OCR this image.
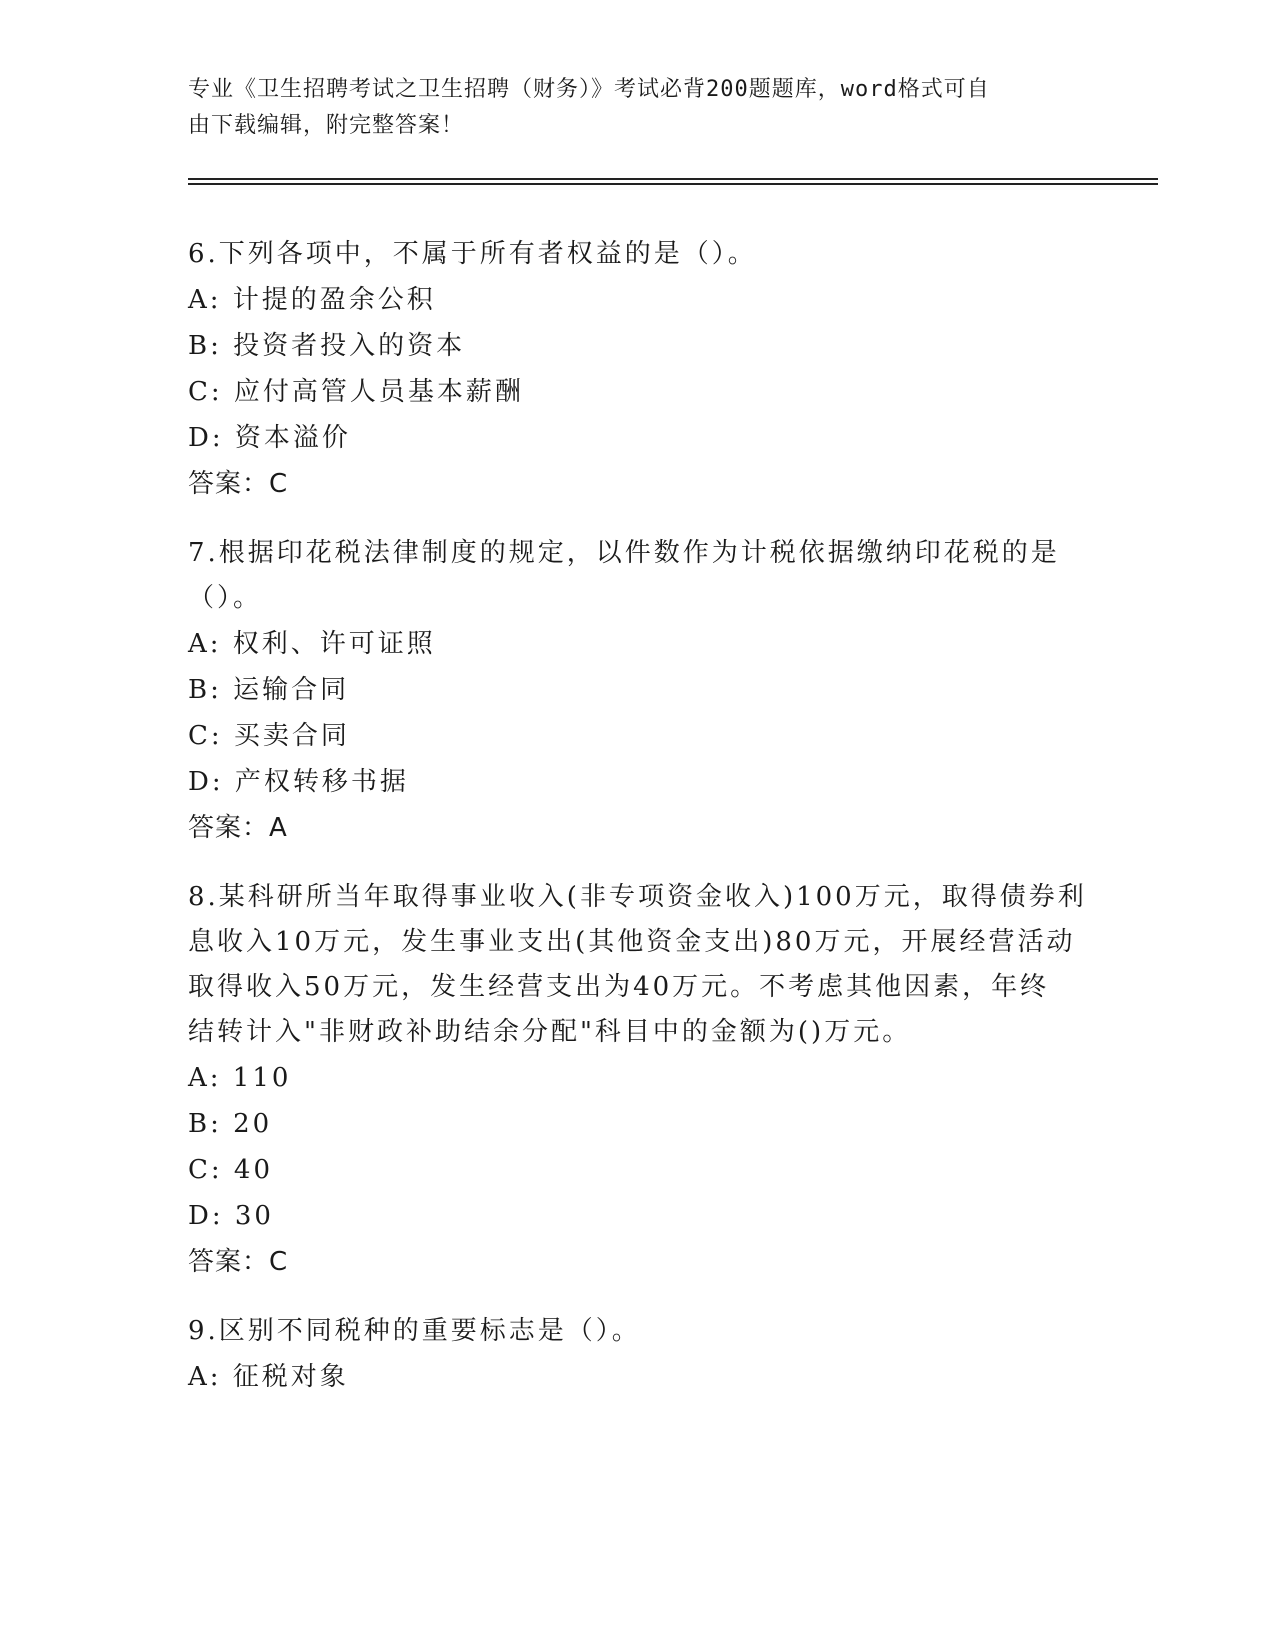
专业《卫生招聘考试之卫生招聘（财务）》考试必背200题题库，word格式可自
由下载编辑，附完整答案！
6.下列各项中，不属于所有者权益的是（）。
A: 计提的盈余公积
B: 投资者投入的资本
C: 应付高管人员基本薪酬
D: 资本溢价
答案：C
7.根据印花税法律制度的规定，以件数作为计税依据缴纳印花税的是
（）。
A: 权利、许可证照
B: 运输合同
C: 买卖合同
D: 产权转移书据
答案：A
8.某科研所当年取得事业收入(非专项资金收入)100万元，取得债券利
息收入10万元，发生事业支出(其他资金支出)80万元，开展经营活动
取得收入50万元，发生经营支出为40万元。不考虑其他因素，年终
结转计入"非财政补助结余分配"科目中的金额为()万元。
A: 110
B: 20
C: 40
D: 30
答案：C
9.区别不同税种的重要标志是（）。
A: 征税对象
